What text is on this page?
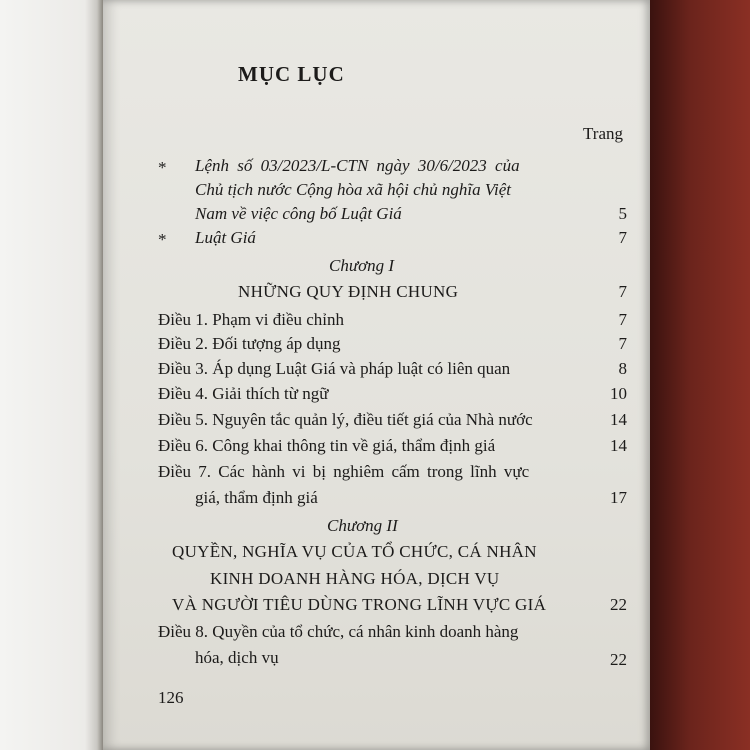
MỤC LỤC
Trang
* Lệnh số 03/2023/L-CTN ngày 30/6/2023 của
Chủ tịch nước Cộng hòa xã hội chủ nghĩa Việt
Nam về việc công bố Luật Giá	5
* Luật Giá	7
Chương I
NHỮNG QUY ĐỊNH CHUNG	7
Điều 1. Phạm vi điều chỉnh	7
Điều 2. Đối tượng áp dụng	7
Điều 3. Áp dụng Luật Giá và pháp luật có liên quan	8
Điều 4. Giải thích từ ngữ	10
Điều 5. Nguyên tắc quản lý, điều tiết giá của Nhà nước	14
Điều 6. Công khai thông tin về giá, thẩm định giá	14
Điều 7. Các hành vi bị nghiêm cấm trong lĩnh vực
giá, thẩm định giá	17
Chương II
QUYỀN, NGHĨA VỤ CỦA TỔ CHỨC, CÁ NHÂN
KINH DOANH HÀNG HÓA, DỊCH VỤ
VÀ NGƯỜI TIÊU DÙNG TRONG LĨNH VỰC GIÁ	22
Điều 8. Quyền của tổ chức, cá nhân kinh doanh hàng
hóa, dịch vụ	22
126
